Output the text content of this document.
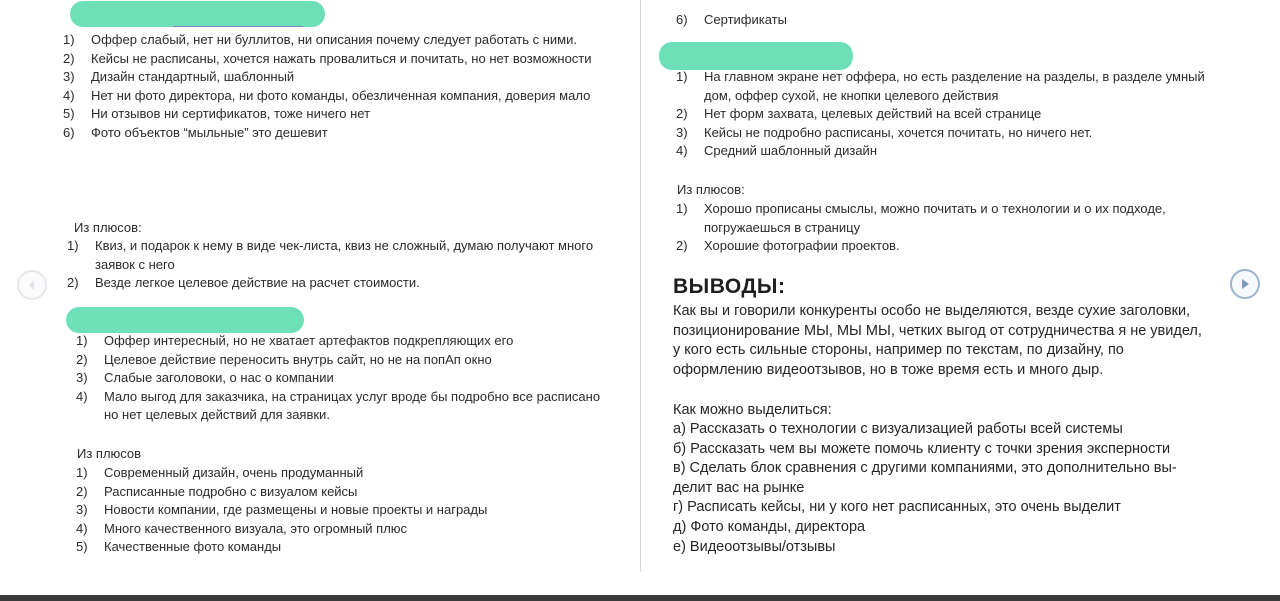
1) Оффер слабый, нет ни буллитов, ни описания почему следует работать с ними.
2) Кейсы не расписаны, хочется нажать провалиться и почитать, но нет возможности
3) Дизайн стандартный, шаблонный
4) Нет ни фото директора, ни фото команды, обезличенная компания, доверия мало
5) Ни отзывов ни сертификатов, тоже ничего нет
6) Фото объектов “мыльные” это дешевит

Из плюсов:

1) Квиз, и подарок к нему в виде чек-листа, квиз не сложный, думаю получают много заявок с него
2) Везде легкое целевое действие на расчет стоимости.
1) Оффер интересный, но не хватает артефактов подкрепляющих его
2) Целевое действие переносить внутрь сайт, но не на попАп окно
3) Слабые заголовоки, о нас о компании
4) Мало выгод для заказчика, на страницах услуг вроде бы подробно все расписано но нет целевых действий для заявки.

Из плюсов

1) Современный дизайн, очень продуманный
2) Расписанные подробно с визуалом кейсы
3) Новости компании, где размещены и новые проекты и награды
4) Много качественного визуала, это огромный плюс
5) Качественные фото команды
6) Сертификаты
1) На главном экране нет оффера, но есть разделение на разделы, в разделе умный дом, оффер сухой, не кнопки целевого действия
2) Нет форм захвата, целевых действий на всей странице
3) Кейсы не подробно расписаны, хочется почитать, но ничего нет.
4) Средний шаблонный дизайн

Из плюсов:

1) Хорошо прописаны смыслы, можно почитать и о технологии и о их подходе, погружаешься в страницу
2) Хорошие фотографии проектов.

ВЫВОДЫ:

Как вы и говорили конкуренты особо не выделяются, везде сухие заголовки, позиционирование МЫ, МЫ МЫ, четких выгод от сотрудничества я не увидел, у кого есть сильные стороны, например по текстам, по дизайну, по оформлению видеоотзывов, но в тоже время есть и много дыр.

Как можно выделиться:

а) Рассказать о технологии с визуализацией работы всей системы

б) Рассказать чем вы можете помочь клиенту с точки зрения эксперности

в) Сделать блок сравнения с другими компаниями, это дополнительно выделит вас на рынке

г) Расписать кейсы, ни у кого нет расписанных, это очень выделит

д) Фото команды, директора

е) Видеоотзывы/отзывы
